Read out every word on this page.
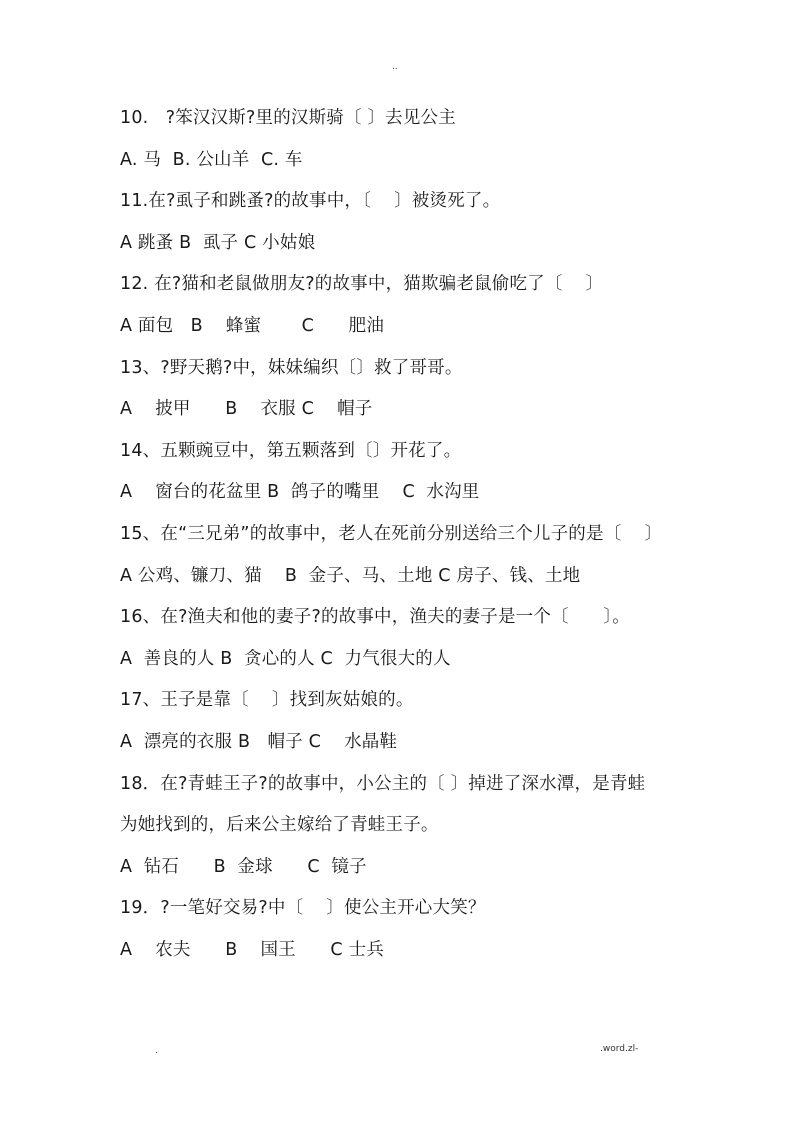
..
10.   ?笨汉汉斯?里的汉斯骑〔 〕去见公主
A. 马  B. 公山羊  C. 车
11.在?虱子和跳蚤?的故事中，〔    〕被烫死了。
A 跳蚤 B  虱子 C 小姑娘
12. 在?猫和老鼠做朋友?的故事中，猫欺骗老鼠偷吃了〔    〕
A 面包   B    蜂蜜       C      肥油
13、?野天鹅?中，妹妹编织〔〕救了哥哥。
A    披甲      B    衣服 C    帽子
14、五颗豌豆中，第五颗落到〔〕开花了。
A    窗台的花盆里 B  鸽子的嘴里    C  水沟里
15、在“三兄弟”的故事中，老人在死前分别送给三个儿子的是〔    〕
A 公鸡、镰刀、猫    B  金子、马、土地 C 房子、钱、土地
16、在?渔夫和他的妻子?的故事中，渔夫的妻子是一个〔      〕。
A  善良的人 B  贪心的人 C  力气很大的人
17、王子是靠〔    〕找到灰姑娘的。
A  漂亮的衣服 B   帽子 C    水晶鞋
18．在?青蛙王子?的故事中，小公主的〔 〕掉进了深水潭，是青蛙
为她找到的，后来公主嫁给了青蛙王子。
A  钻石      B  金球      C  镜子
19．?一笔好交易?中〔    〕使公主开心大笑？
A    农夫      B    国王      C 士兵
.	.word.zl-
